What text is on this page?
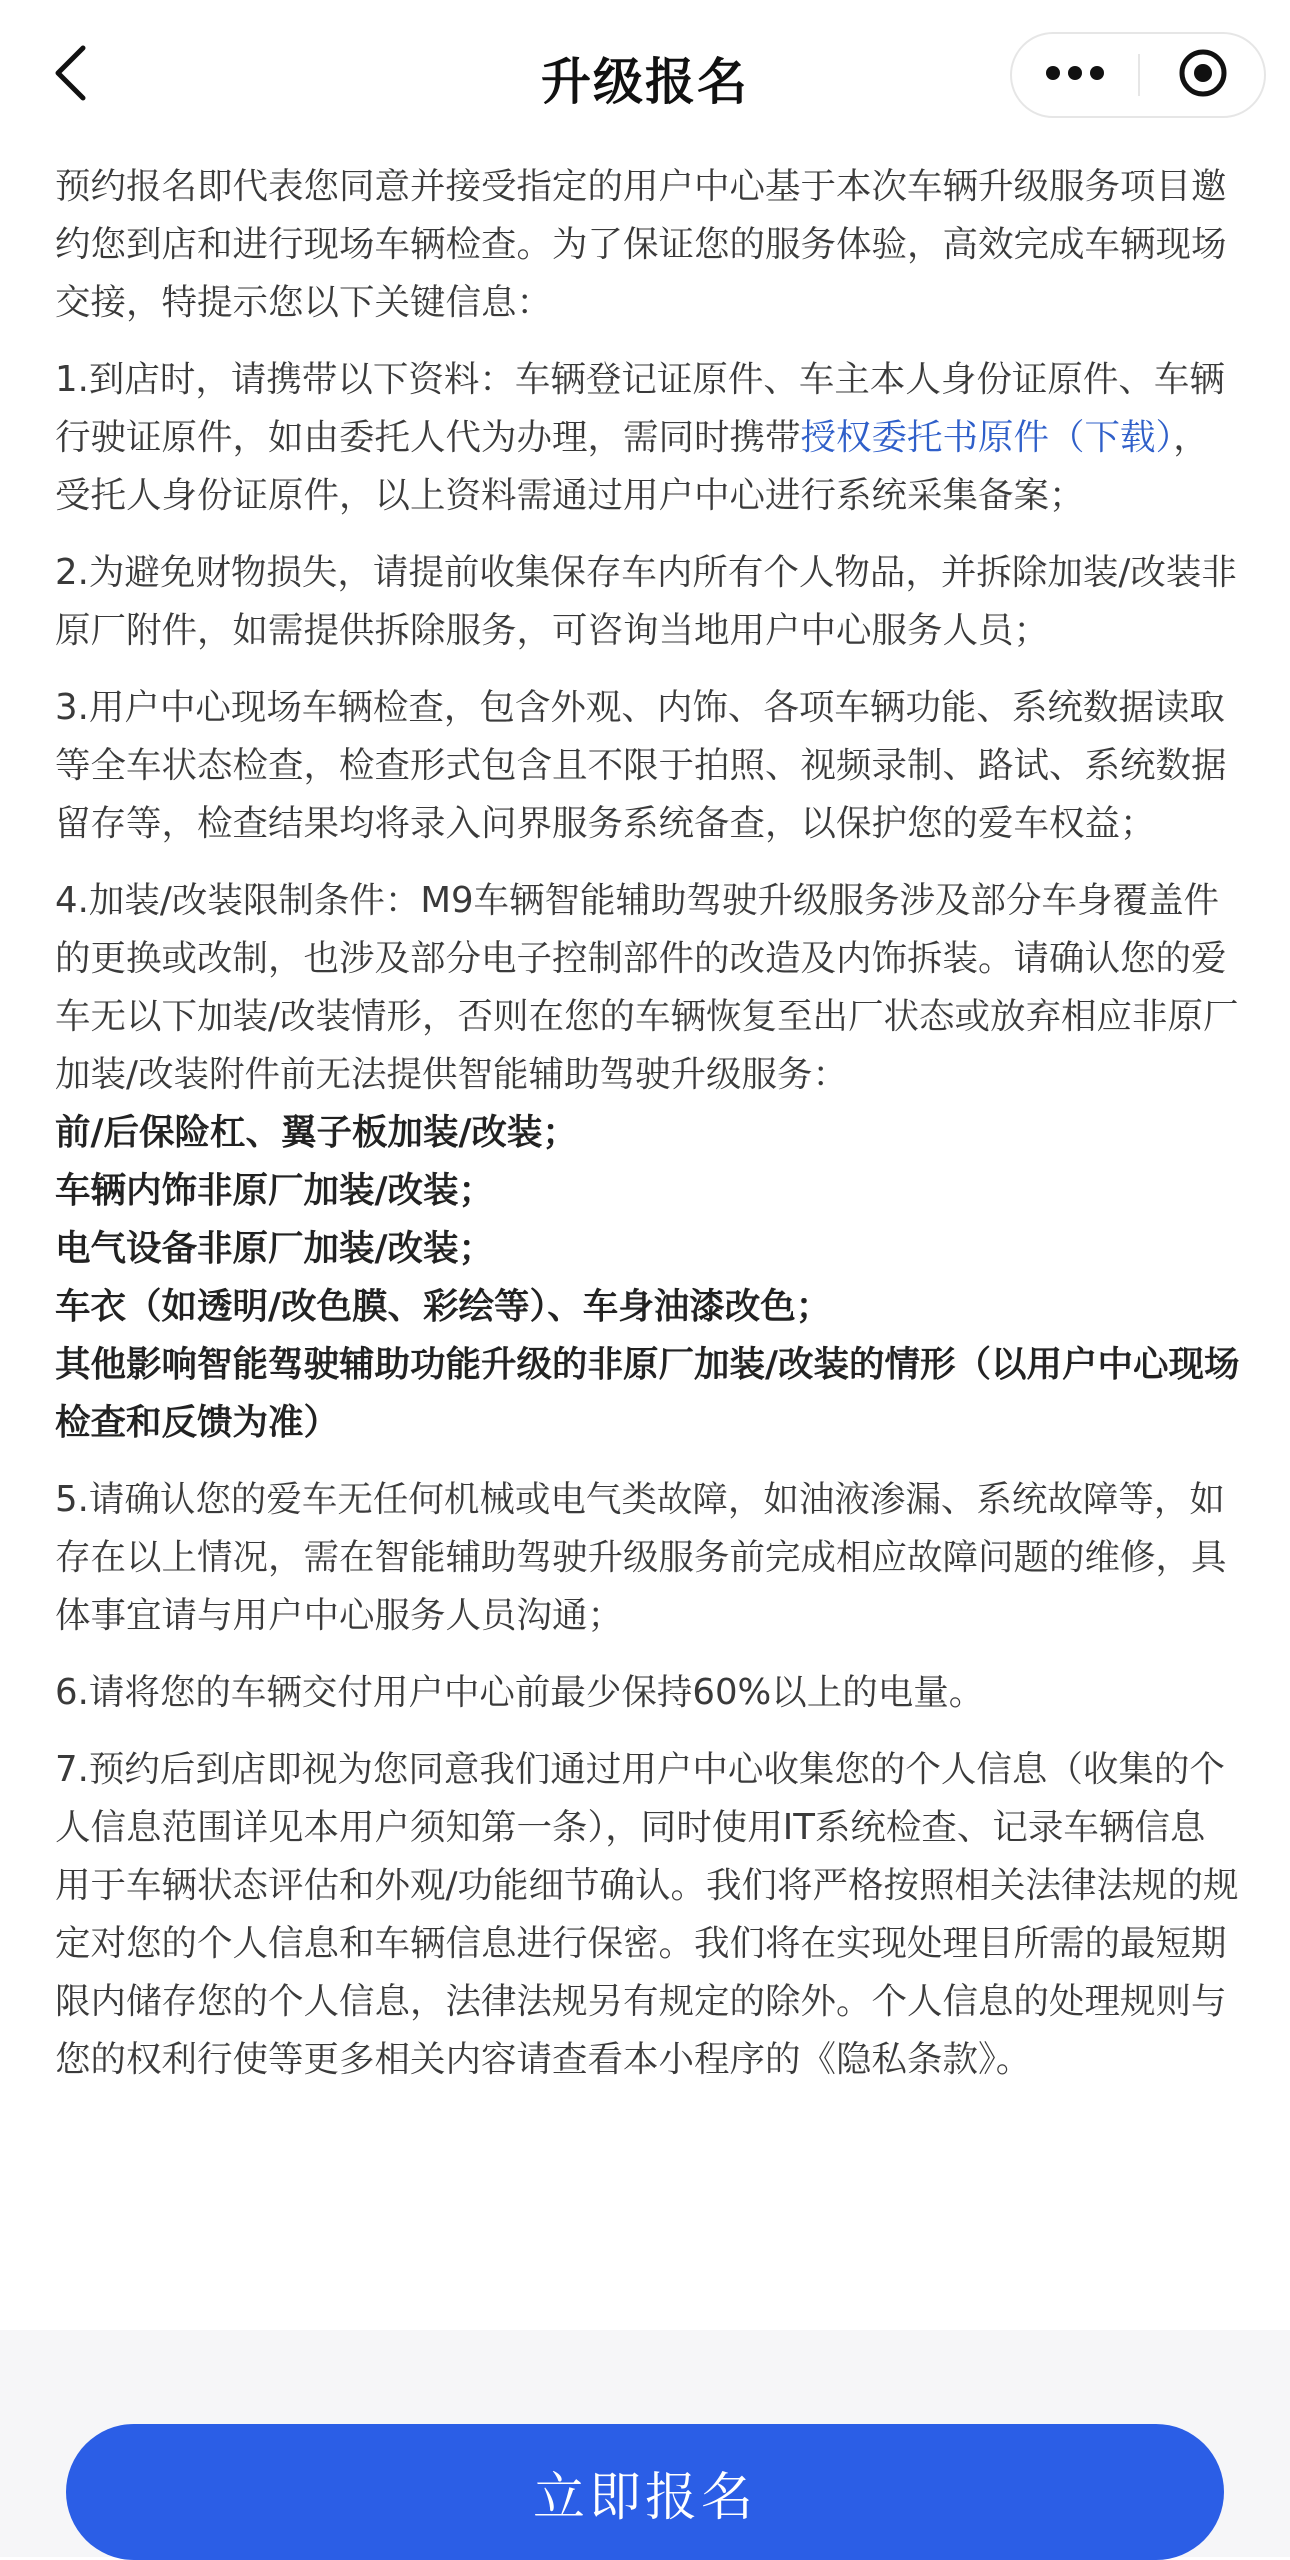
升级报名

预约报名即代表您同意并接受指定的用户中心基于本次车辆升级服务项目邀约您到店和进行现场车辆检查。为了保证您的服务体验，高效完成车辆现场交接，特提示您以下关键信息：

1.到店时，请携带以下资料：车辆登记证原件、车主本人身份证原件、车辆行驶证原件，如由委托人代为办理，需同时携带授权委托书原件（下载），受托人身份证原件，以上资料需通过用户中心进行系统采集备案；

2.为避免财物损失，请提前收集保存车内所有个人物品，并拆除加装/改装非原厂附件，如需提供拆除服务，可咨询当地用户中心服务人员；

3.用户中心现场车辆检查，包含外观、内饰、各项车辆功能、系统数据读取等全车状态检查，检查形式包含且不限于拍照、视频录制、路试、系统数据留存等，检查结果均将录入问界服务系统备查，以保护您的爱车权益；

4.加装/改装限制条件：M9车辆智能辅助驾驶升级服务涉及部分车身覆盖件的更换或改制，也涉及部分电子控制部件的改造及内饰拆装。请确认您的爱车无以下加装/改装情形，否则在您的车辆恢复至出厂状态或放弃相应非原厂加装/改装附件前无法提供智能辅助驾驶升级服务：

前/后保险杠、翼子板加装/改装；
车辆内饰非原厂加装/改装；
电气设备非原厂加装/改装；
车衣（如透明/改色膜、彩绘等）、车身油漆改色；
其他影响智能驾驶辅助功能升级的非原厂加装/改装的情形（以用户中心现场检查和反馈为准）

5.请确认您的爱车无任何机械或电气类故障，如油液渗漏、系统故障等，如存在以上情况，需在智能辅助驾驶升级服务前完成相应故障问题的维修，具体事宜请与用户中心服务人员沟通；

6.请将您的车辆交付用户中心前最少保持60%以上的电量。

7.预约后到店即视为您同意我们通过用户中心收集您的个人信息（收集的个人信息范围详见本用户须知第一条），同时使用IT系统检查、记录车辆信息用于车辆状态评估和外观/功能细节确认。我们将严格按照相关法律法规的规定对您的个人信息和车辆信息进行保密。我们将在实现处理目所需的最短期限内储存您的个人信息，法律法规另有规定的除外。个人信息的处理规则与您的权利行使等更多相关内容请查看本小程序的《隐私条款》。

立即报名
